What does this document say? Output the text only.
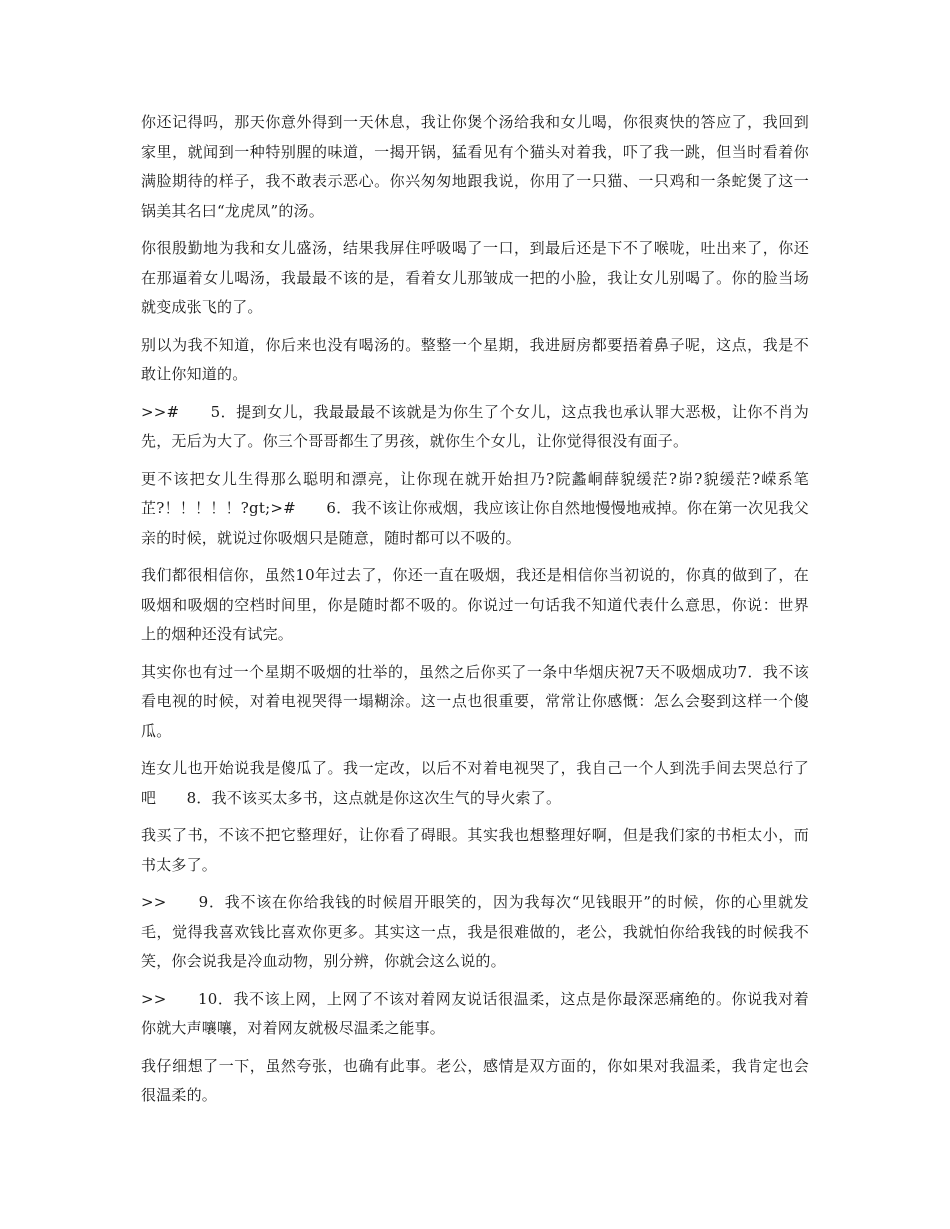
你还记得吗，那天你意外得到一天休息，我让你煲个汤给我和女儿喝，你很爽快的答应了，我回到家里，就闻到一种特别腥的味道，一揭开锅，猛看见有个猫头对着我，吓了我一跳，但当时看着你满脸期待的样子，我不敢表示恶心。你兴匆匆地跟我说，你用了一只猫、一只鸡和一条蛇煲了这一锅美其名曰“龙虎凤”的汤。

你很殷勤地为我和女儿盛汤，结果我屏住呼吸喝了一口，到最后还是下不了喉咙，吐出来了，你还在那逼着女儿喝汤，我最最不该的是，看着女儿那皱成一把的小脸，我让女儿别喝了。你的脸当场就变成张飞的了。

别以为我不知道，你后来也没有喝汤的。整整一个星期，我进厨房都要捂着鼻子呢，这点，我是不敢让你知道的。

>>#　　5．提到女儿，我最最最不该就是为你生了个女儿，这点我也承认罪大恶极，让你不肖为先，无后为大了。你三个哥哥都生了男孩，就你生个女儿，让你觉得很没有面子。

更不该把女儿生得那么聪明和漂亮，让你现在就开始担乃?院蠡峒薛貌缓茫?峁?貌缓茫?嵘系笔芷?！！！！！?gt;>#　　6．我不该让你戒烟，我应该让你自然地慢慢地戒掉。你在第一次见我父亲的时候，就说过你吸烟只是随意，随时都可以不吸的。

我们都很相信你，虽然10年过去了，你还一直在吸烟，我还是相信你当初说的，你真的做到了，在吸烟和吸烟的空档时间里，你是随时都不吸的。你说过一句话我不知道代表什么意思，你说：世界上的烟种还没有试完。

其实你也有过一个星期不吸烟的壮举的，虽然之后你买了一条中华烟庆祝7天不吸烟成功7．我不该看电视的时候，对着电视哭得一塌糊涂。这一点也很重要，常常让你感慨：怎么会娶到这样一个傻瓜。

连女儿也开始说我是傻瓜了。我一定改，以后不对着电视哭了，我自己一个人到洗手间去哭总行了吧　　8．我不该买太多书，这点就是你这次生气的导火索了。

我买了书，不该不把它整理好，让你看了碍眼。其实我也想整理好啊，但是我们家的书柜太小，而书太多了。

>>　　9．我不该在你给我钱的时候眉开眼笑的，因为我每次“见钱眼开”的时候，你的心里就发毛，觉得我喜欢钱比喜欢你更多。其实这一点，我是很难做的，老公，我就怕你给我钱的时候我不笑，你会说我是冷血动物，别分辨，你就会这么说的。

>>　　10．我不该上网，上网了不该对着网友说话很温柔，这点是你最深恶痛绝的。你说我对着你就大声嚷嚷，对着网友就极尽温柔之能事。

我仔细想了一下，虽然夸张，也确有此事。老公，感情是双方面的，你如果对我温柔，我肯定也会很温柔的。
